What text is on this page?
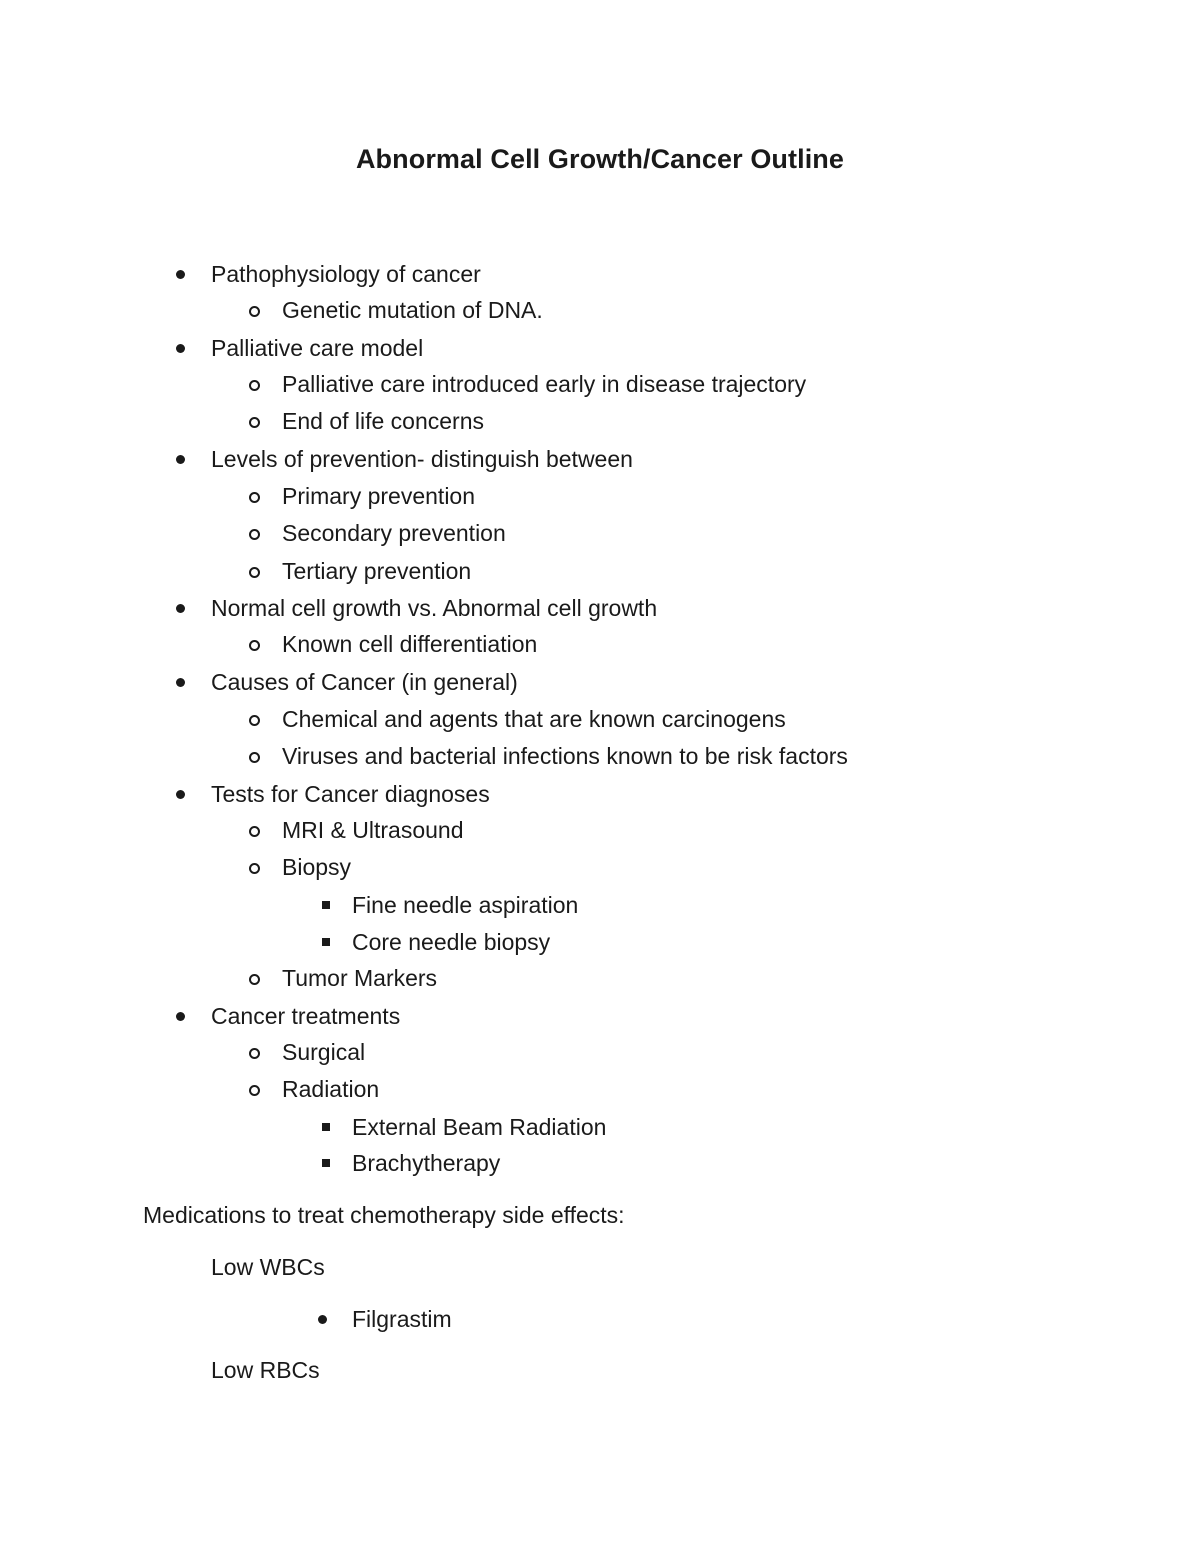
Abnormal Cell Growth/Cancer Outline
Pathophysiology of cancer
Genetic mutation of DNA.
Palliative care model
Palliative care introduced early in disease trajectory
End of life concerns
Levels of prevention- distinguish between
Primary prevention
Secondary prevention
Tertiary prevention
Normal cell growth vs. Abnormal cell growth
Known cell differentiation
Causes of Cancer (in general)
Chemical and agents that are known carcinogens
Viruses and bacterial infections known to be risk factors
Tests for Cancer diagnoses
MRI & Ultrasound
Biopsy
Fine needle aspiration
Core needle biopsy
Tumor Markers
Cancer treatments
Surgical
Radiation
External Beam Radiation
Brachytherapy
Medications to treat chemotherapy side effects:
Low WBCs
Filgrastim
Low RBCs
